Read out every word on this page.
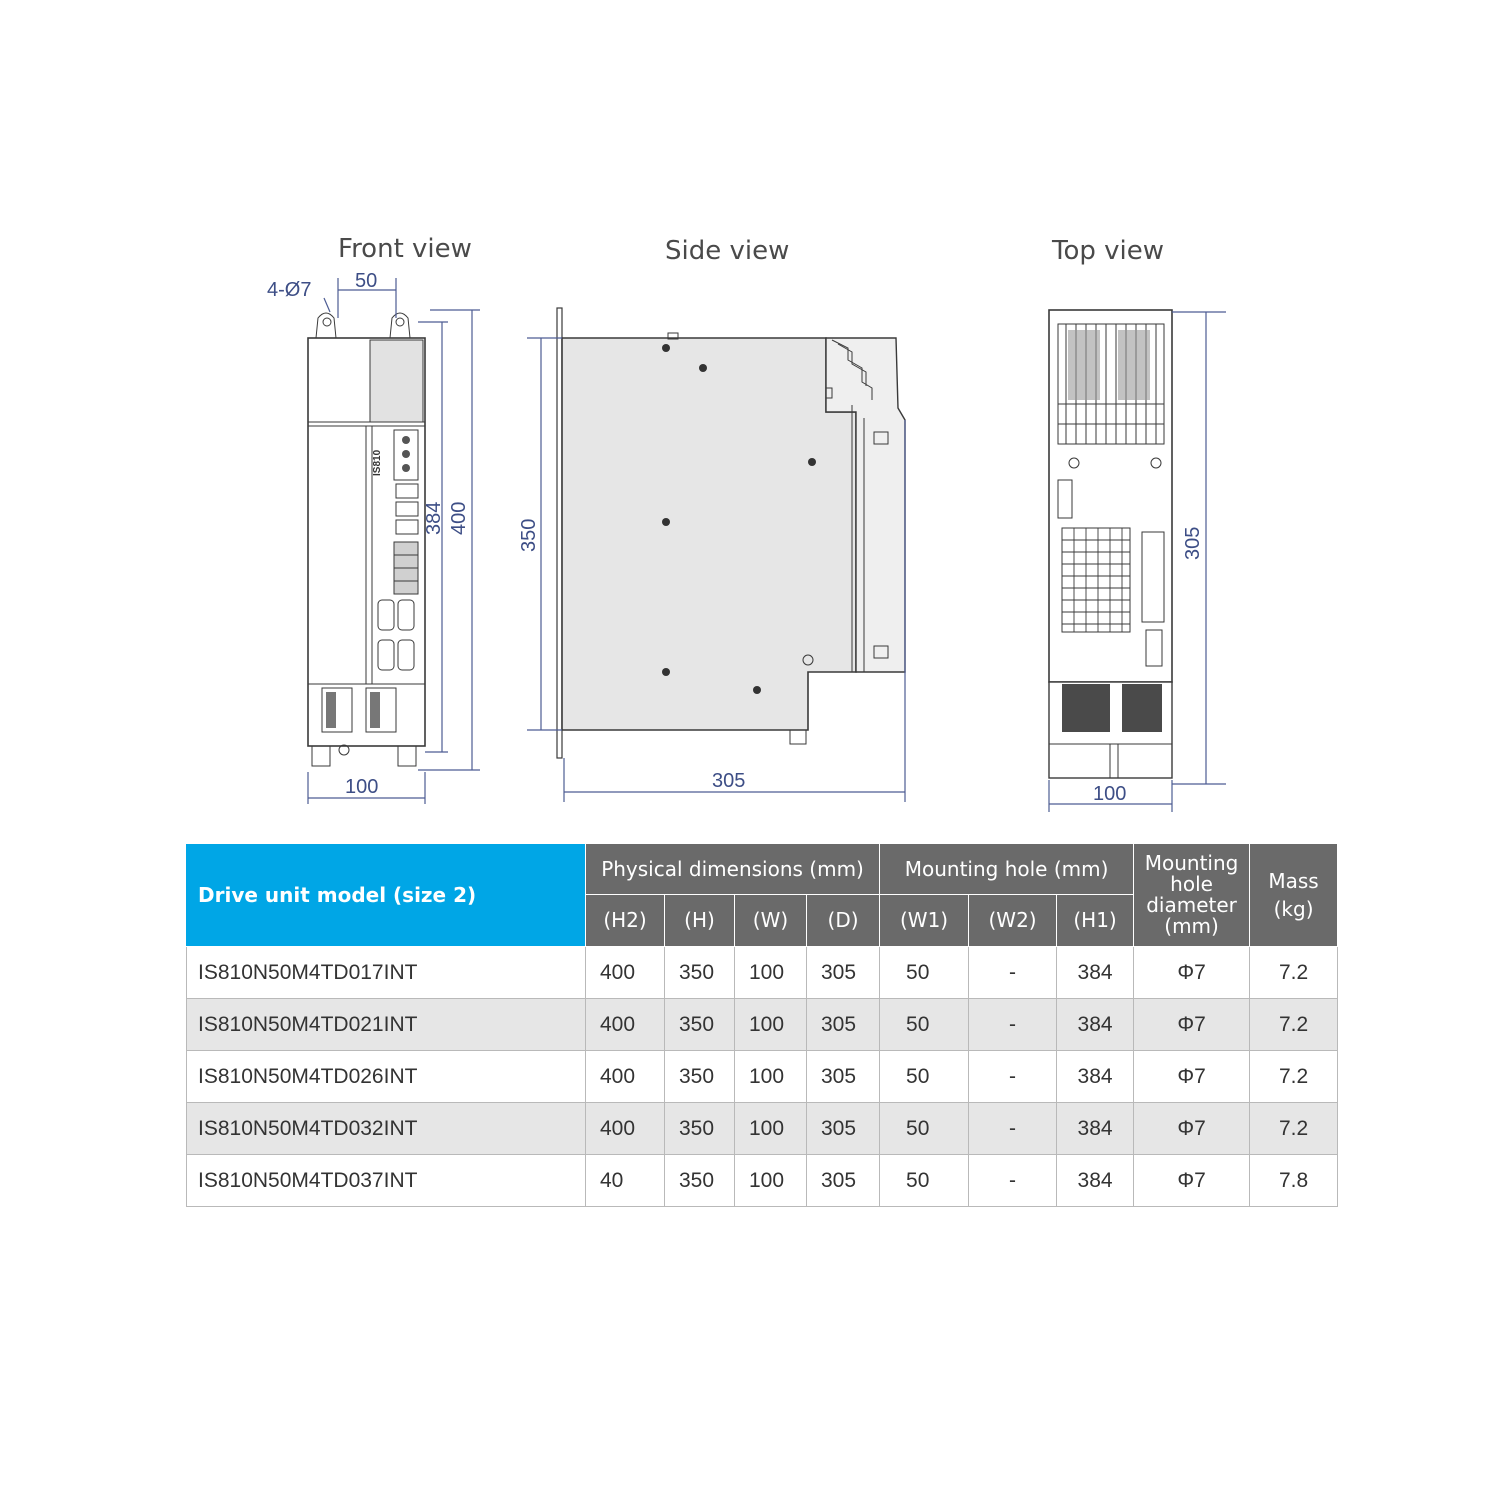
Front view	Side view	Top view
IS810
4-Ø7 50
100
384 400
350
305
305
100
Drive unit model (size 2)	Physical dimensions (mm)				Mounting hole (mm)			Mounting hole diameter (mm)	Mass (kg)
	(H2)	(H)	(W)	(D)	(W1)	(W2)	(H1)		
IS810N50M4TD017INT	400	350	100	305	50	-	384	Φ7	7.2
IS810N50M4TD021INT	400	350	100	305	50	-	384	Φ7	7.2
IS810N50M4TD026INT	400	350	100	305	50	-	384	Φ7	7.2
IS810N50M4TD032INT	400	350	100	305	50	-	384	Φ7	7.2
IS810N50M4TD037INT	40	350	100	305	50	-	384	Φ7	7.8
